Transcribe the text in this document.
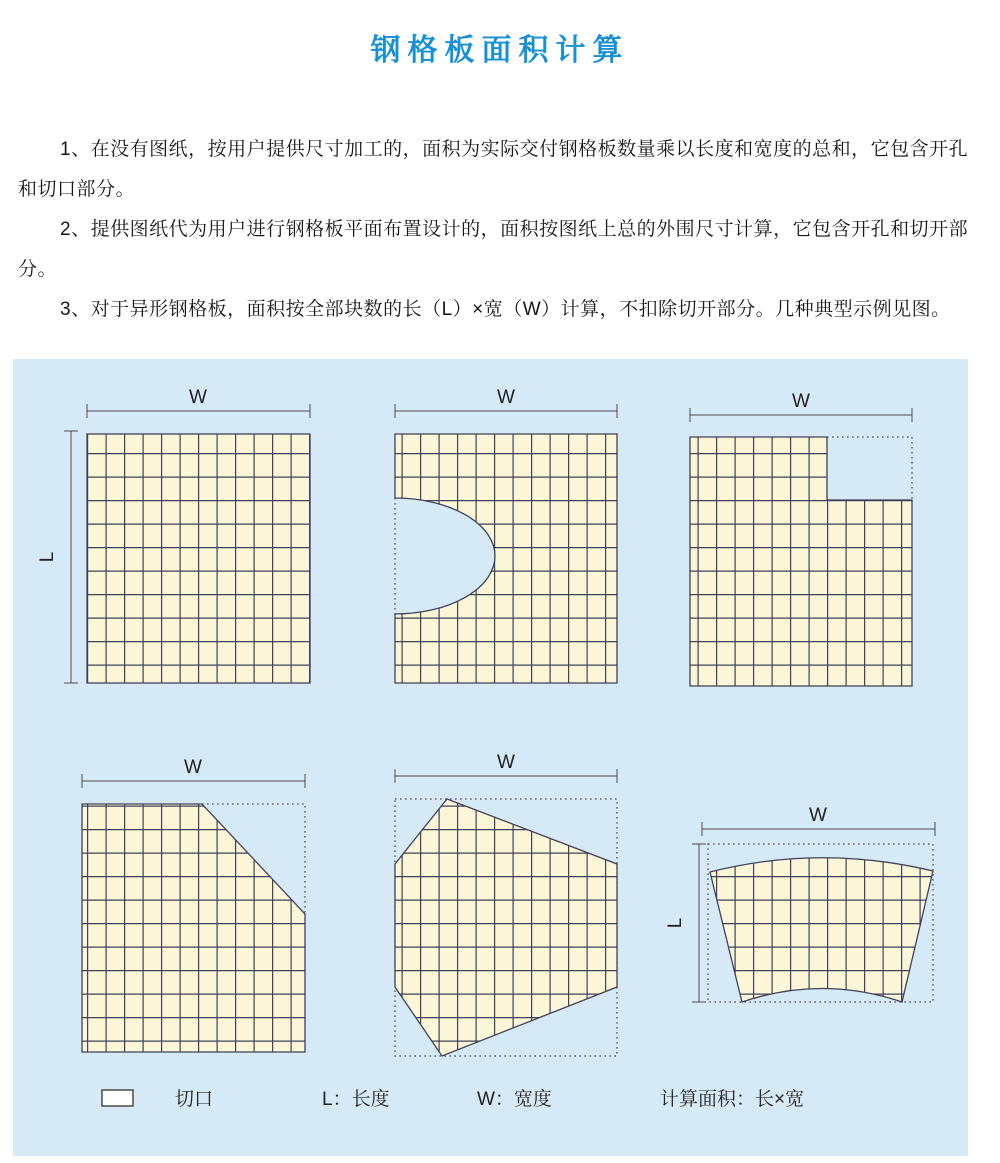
钢格板面积计算

1、在没有图纸，按用户提供尺寸加工的，面积为实际交付钢格板数量乘以长度和宽度的总和，它包含开孔和切口部分。

2、提供图纸代为用户进行钢格板平面布置设计的，面积按图纸上总的外围尺寸计算，它包含开孔和切开部分。

3、对于异形钢格板，面积按全部块数的长（L）×宽（W）计算，不扣除切开部分。几种典型示例见图。

W
L
W	W
W	W
W
L
切口	L：长度	W：宽度	计算面积：长×宽
